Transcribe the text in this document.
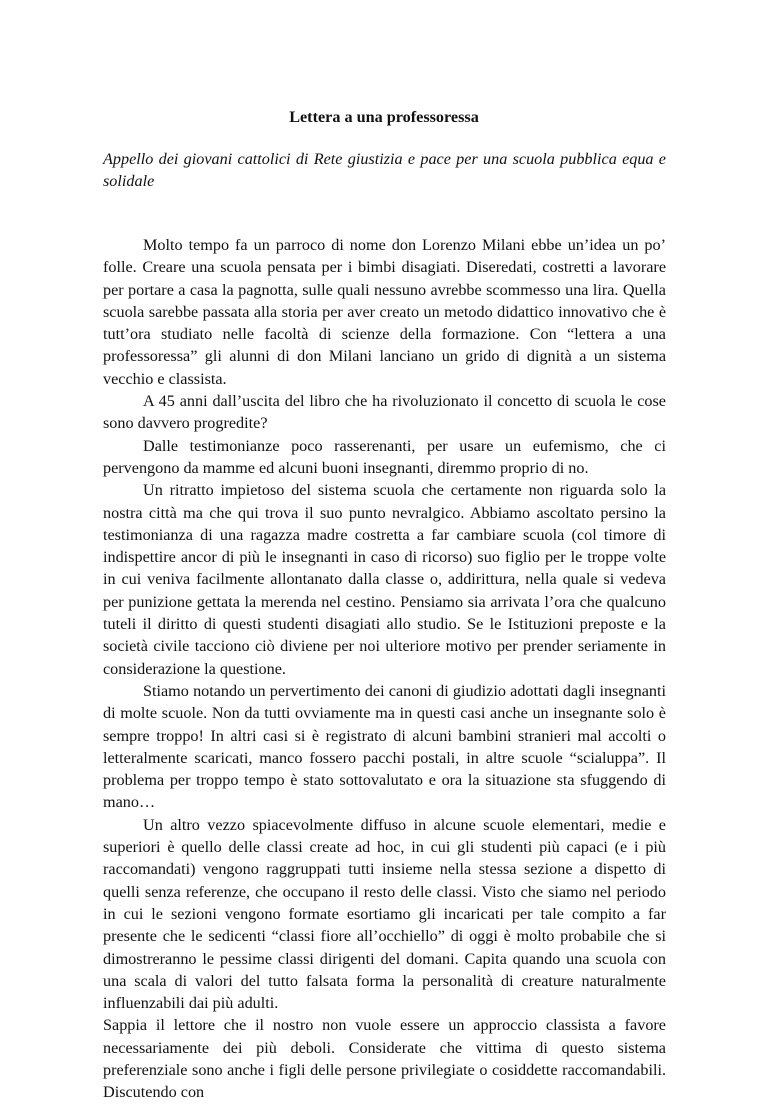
Lettera a una professoressa
Appello dei giovani cattolici di Rete giustizia e pace per una scuola pubblica equa e solidale

Molto tempo fa un parroco di nome don Lorenzo Milani ebbe un’idea un po’ folle. Creare una scuola pensata per i bimbi disagiati. Diseredati, costretti a lavorare per portare a casa la pagnotta, sulle quali nessuno avrebbe scommesso una lira. Quella scuola sarebbe passata alla storia per aver creato un metodo didattico innovativo che è tutt’ora studiato nelle facoltà di scienze della formazione. Con “lettera a una professoressa” gli alunni di don Milani lanciano un grido di dignità a un sistema vecchio e classista.

A 45 anni dall’uscita del libro che ha rivoluzionato il concetto di scuola le cose sono davvero progredite?

Dalle testimonianze poco rasserenanti, per usare un eufemismo, che ci pervengono da mamme ed alcuni buoni insegnanti, diremmo proprio di no.

Un ritratto impietoso del sistema scuola che certamente non riguarda solo la nostra città ma che qui trova il suo punto nevralgico. Abbiamo ascoltato persino la testimonianza di una ragazza madre costretta a far cambiare scuola (col timore di indispettire ancor di più le insegnanti in caso di ricorso) suo figlio per le troppe volte in cui veniva facilmente allontanato dalla classe o, addirittura, nella quale si vedeva per punizione gettata la merenda nel cestino. Pensiamo sia arrivata l’ora che qualcuno tuteli il diritto di questi studenti disagiati allo studio. Se le Istituzioni preposte e la società civile tacciono ciò diviene per noi ulteriore motivo per prender seriamente in considerazione la questione.

Stiamo notando un pervertimento dei canoni di giudizio adottati dagli insegnanti di molte scuole. Non da tutti ovviamente ma in questi casi anche un insegnante solo è sempre troppo! In altri casi si è registrato di alcuni bambini stranieri mal accolti o letteralmente scaricati, manco fossero pacchi postali, in altre scuole “scialuppa”. Il problema per troppo tempo è stato sottovalutato e ora la situazione sta sfuggendo di mano…

Un altro vezzo spiacevolmente diffuso in alcune scuole elementari, medie e superiori è quello delle classi create ad hoc, in cui gli studenti più capaci (e i più raccomandati) vengono raggruppati tutti insieme nella stessa sezione a dispetto di quelli senza referenze, che occupano il resto delle classi. Visto che siamo nel periodo in cui le sezioni vengono formate esortiamo gli incaricati per tale compito a far presente che le sedicenti “classi fiore all’occhiello” di oggi è molto probabile che si dimostreranno le pessime classi dirigenti del domani. Capita quando una scuola con una scala di valori del tutto falsata forma la personalità di creature naturalmente influenzabili dai più adulti.

Sappia il lettore che il nostro non vuole essere un approccio classista a favore necessariamente dei più deboli. Considerate che vittima di questo sistema preferenziale sono anche i figli delle persone privilegiate o cosiddette raccomandabili. Discutendo con
